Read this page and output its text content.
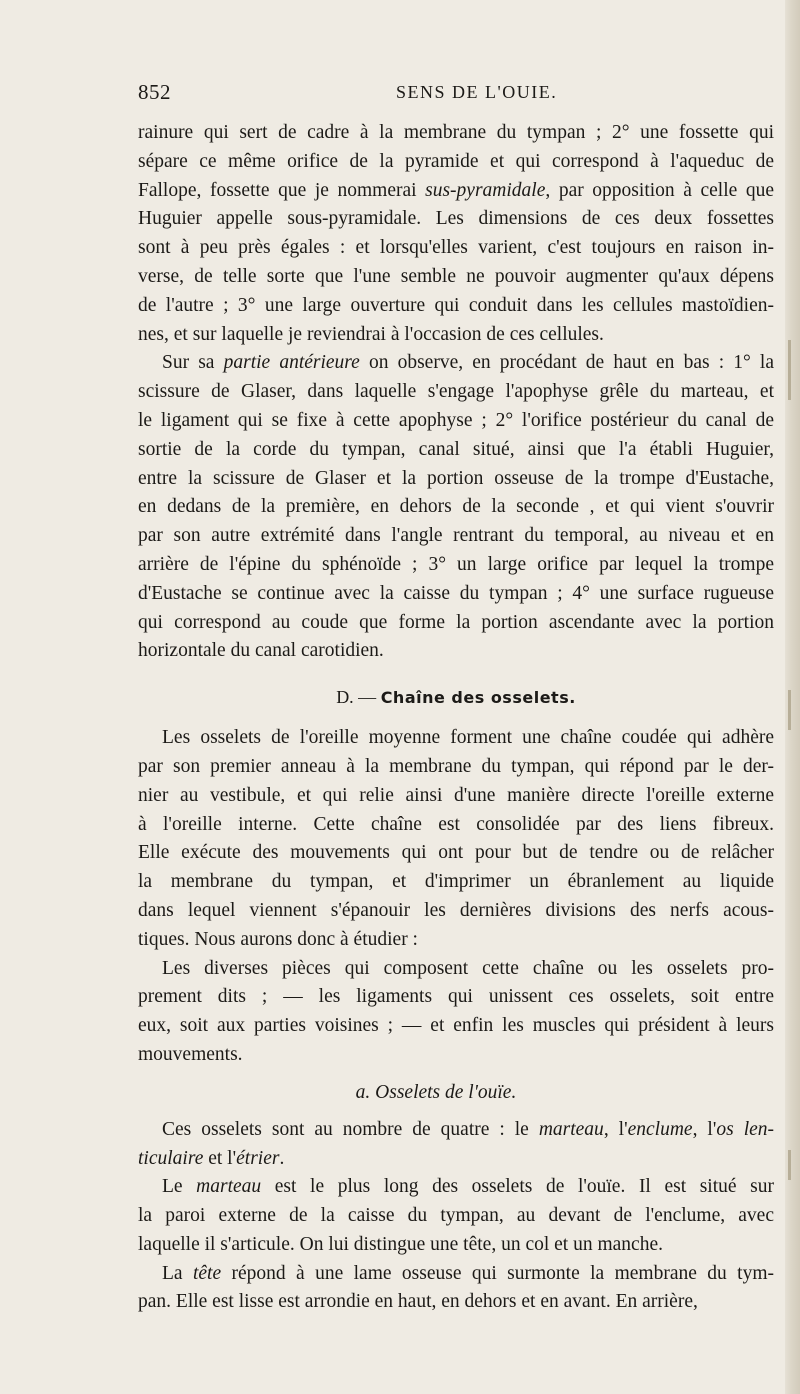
852	SENS DE L'OUIE.
rainure qui sert de cadre à la membrane du tympan ; 2° une fossette qui
sépare ce même orifice de la pyramide et qui correspond à l'aqueduc de
Fallope, fossette que je nommerai sus-pyramidale, par opposition à celle que
Huguier appelle sous-pyramidale. Les dimensions de ces deux fossettes
sont à peu près égales : et lorsqu'elles varient, c'est toujours en raison in-
verse, de telle sorte que l'une semble ne pouvoir augmenter qu'aux dépens
de l'autre ; 3° une large ouverture qui conduit dans les cellules mastoïdien-
nes, et sur laquelle je reviendrai à l'occasion de ces cellules.
Sur sa partie antérieure on observe, en procédant de haut en bas : 1° la
scissure de Glaser, dans laquelle s'engage l'apophyse grêle du marteau, et
le ligament qui se fixe à cette apophyse ; 2° l'orifice postérieur du canal de
sortie de la corde du tympan, canal situé, ainsi que l'a établi Huguier,
entre la scissure de Glaser et la portion osseuse de la trompe d'Eustache,
en dedans de la première, en dehors de la seconde , et qui vient s'ouvrir
par son autre extrémité dans l'angle rentrant du temporal, au niveau et en
arrière de l'épine du sphénoïde ; 3° un large orifice par lequel la trompe
d'Eustache se continue avec la caisse du tympan ; 4° une surface rugueuse
qui correspond au coude que forme la portion ascendante avec la portion
horizontale du canal carotidien.
D. — Chaîne des osselets.
Les osselets de l'oreille moyenne forment une chaîne coudée qui adhère
par son premier anneau à la membrane du tympan, qui répond par le der-
nier au vestibule, et qui relie ainsi d'une manière directe l'oreille externe
à l'oreille interne. Cette chaîne est consolidée par des liens fibreux.
Elle exécute des mouvements qui ont pour but de tendre ou de relâcher
la membrane du tympan, et d'imprimer un ébranlement au liquide
dans lequel viennent s'épanouir les dernières divisions des nerfs acous-
tiques. Nous aurons donc à étudier :
Les diverses pièces qui composent cette chaîne ou les osselets pro-
prement dits ; — les ligaments qui unissent ces osselets, soit entre
eux, soit aux parties voisines ; — et enfin les muscles qui président à leurs
mouvements.
a. Osselets de l'ouïe.
Ces osselets sont au nombre de quatre : le marteau, l'enclume, l'os len-
ticulaire et l'étrier.
Le marteau est le plus long des osselets de l'ouïe. Il est situé sur
la paroi externe de la caisse du tympan, au devant de l'enclume, avec
laquelle il s'articule. On lui distingue une tête, un col et un manche.
La tête répond à une lame osseuse qui surmonte la membrane du tym-
pan. Elle est lisse est arrondie en haut, en dehors et en avant. En arrière,
